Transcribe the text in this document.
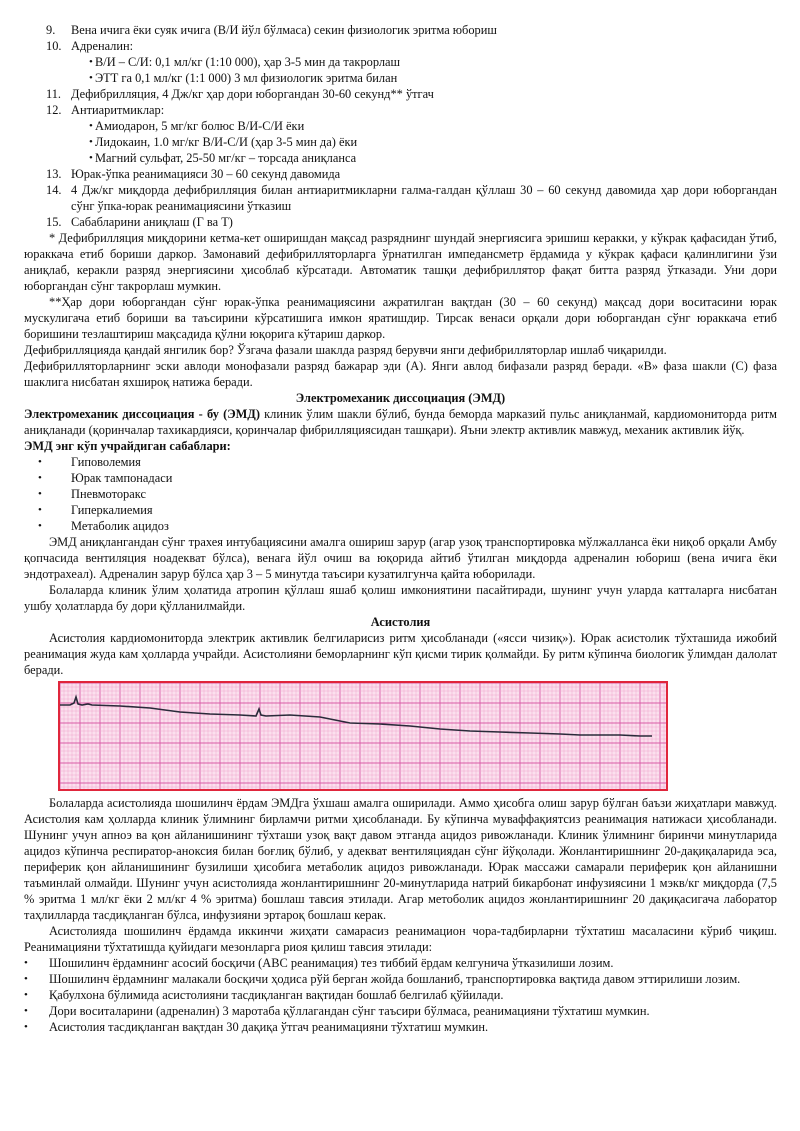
9. Вена ичига ёки суяк ичига (В/И йўл бўлмаса) секин физиологик эритма юбориш
10. Адреналин:
• В/И – С/И: 0,1 мл/кг (1:10 000), ҳар 3-5 мин да такрорлаш
• ЭТТ га 0,1 мл/кг (1:1 000) 3 мл физиологик эритма билан
11. Дефибрилляция, 4 Дж/кг ҳар дори юборгандан 30-60 секунд** ўтгач
12. Антиаритмиклар:
• Амиодарон, 5 мг/кг болюс В/И-С/И ёки
• Лидокаин, 1.0 мг/кг В/И-С/И (ҳар 3-5 мин да) ёки
• Магний сульфат, 25-50 мг/кг – торсада аниқланса
13. Юрак-ўпка реанимацияси 30 – 60 секунд давомида
14. 4 Дж/кг миқдорда дефибрилляция билан антиаритмикларни галма-галдан қўллаш 30 – 60 секунд давомида ҳар дори юборгандан сўнг ўпка-юрак реанимациясини ўтказиш
15. Сабабларини аниқлаш (Г ва Т)

* Дефибрилляция миқдорини кетма-кет оширишдан мақсад разряднинг шундай энергиясига эришиш керакки, у кўкрак қафасидан ўтиб, юраккача етиб бориши даркор. Замонавий дефибрилляторларга ўрнатилган импедансметр ёрдамида у кўкрак қафаси қалинлигини ўзи аниқлаб, керакли разряд энергиясини ҳисоблаб кўрсатади. Автоматик ташқи дефибриллятор фақат битта разряд ўтказади. Уни дори юборгандан сўнг такрорлаш мумкин.

**Ҳар дори юборгандан сўнг юрак-ўпка реанимациясини ажратилган вақтдан (30 – 60 секунд) мақсад дори воситасини юрак мускулигача етиб бориши ва таъсирини кўрсатишига имкон яратишдир. Тирсак венаси орқали дори юборгандан сўнг юраккача етиб боришини тезлаштириш мақсадида қўлни юқорига кўтариш даркор.

Дефибрилляцияда қандай янгилик бор? Ўзгача фазали шаклда разряд берувчи янги дефибрилляторлар ишлаб чиқарилди.

Дефибрилляторларнинг эски авлоди монофазали разряд бажарар эди (А). Янги авлод бифазали разряд беради. «В» фаза шакли (С) фаза шаклига нисбатан яхшироқ натижа беради.

Электромеханик диссоциация (ЭМД)

Электромеханик диссоциация - бу (ЭМД) клиник ўлим шакли бўлиб, бунда беморда марказий пульс аниқланмай, кардиомониторда ритм аниқланади (қоринчалар тахикардияси, қоринчалар фибрилляциясидан ташқари). Яъни электр активлик мавжуд, механик активлик йўқ.

ЭМД энг кўп учрайдиган сабаблари:

• Гиповолемия
• Юрак тампонадаси
• Пневмоторакс
• Гиперкалиемия
• Метаболик ацидоз

ЭМД аниқлангандан сўнг трахея интубациясини амалга ошириш зарур (агар узоқ транспортировка мўлжалланса ёки ниқоб орқали Амбу қопчасида вентиляция ноадекват бўлса), венага йўл очиш ва юқорида айтиб ўтилган миқдорда адреналин юбориш (вена ичига ёки эндотрахеал). Адреналин зарур бўлса ҳар 3 – 5 минутда таъсири кузатилгунча қайта юборилади.

Болаларда клиник ўлим ҳолатида атропин қўллаш яшаб қолиш имкониятини пасайтиради, шунинг учун уларда катталарга нисбатан ушбу ҳолатларда бу дори қўлланилмайди.

Асистолия

Асистолия кардиомониторда электрик активлик белгиларисиз ритм ҳисобланади («ясси чизиқ»). Юрак асистолик тўхташида ижобий реанимация жуда кам ҳолларда учрайди. Асистолияни беморларнинг кўп қисми тирик қолмайди. Бу ритм кўпинча биологик ўлимдан далолат беради.

Болаларда асистолияда шошилинч ёрдам ЭМДга ўхшаш амалга оширилади. Аммо ҳисобга олиш зарур бўлган баъзи жиҳатлари мавжуд. Асистолия кам ҳолларда клиник ўлимнинг бирламчи ритми ҳисобланади. Бу кўпинча муваффақиятсиз реанимация натижаси ҳисобланади. Шунинг учун апноэ ва қон айланишининг тўхташи узоқ вақт давом этганда ацидоз ривожланади. Клиник ўлимнинг биринчи минутларида ацидоз кўпинча респиратор-аноксия билан боғлиқ бўлиб, у адекват вентиляциядан сўнг йўқолади. Жонлантиришнинг 20-дақиқаларида эса, периферик қон айланишининг бузилиши ҳисобига метаболик ацидоз ривожланади. Юрак массажи самарали периферик қон айланишни таъминлай олмайди. Шунинг учун асистолияда жонлантиришнинг 20-минутларида натрий бикарбонат инфузиясини 1 мэкв/кг миқдорда (7,5 % эритма 1 мл/кг ёки 2 мл/кг 4 % эритма) бошлаш тавсия этилади. Агар метоболик ацидоз жонлантиришнинг 20 дақиқасигача лаборатор таҳлилларда тасдиқланган бўлса, инфузияни эртароқ бошлаш керак.

Асистолияда шошилинч ёрдамда иккинчи жиҳати самарасиз реанимацион чора-тадбирларни тўхтатиш масаласини кўриб чиқиш. Реанимацияни тўхтатишда қуйидаги мезонларга риоя қилиш тавсия этилади:

• Шошилинч ёрдамнинг асосий босқичи (ABC реанимация) тез тиббий ёрдам келгунича ўтказилиши лозим.
• Шошилинч ёрдамнинг малакали босқичи ҳодиса рўй берган жойда бошланиб, транспортировка вақтида давом эттирилиши лозим.
• Қабулхона бўлимида асистолияни тасдиқланган вақтидан бошлаб белгилаб қўйилади.
• Дори воситаларини (адреналин) 3 маротаба қўллагандан сўнг таъсири бўлмаса, реанимацияни тўхтатиш мумкин.
• Асистолия тасдиқланган вақтдан 30 дақиқа ўтгач реанимацияни тўхтатиш мумкин.
